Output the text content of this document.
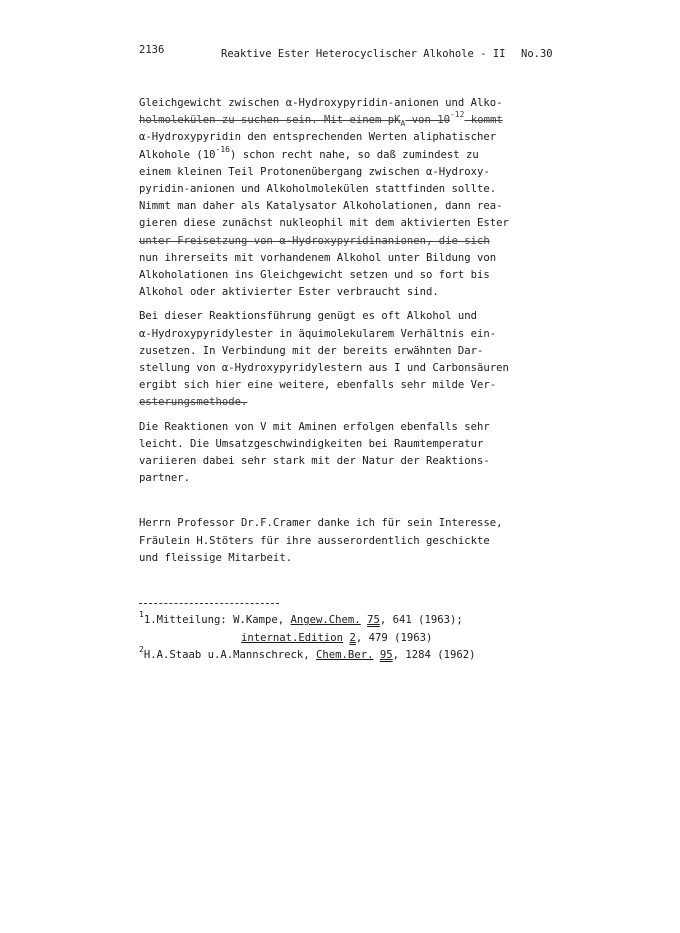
2136	Reaktive Ester Heterocyclischer Alkohole - II No.30
Gleichgewicht zwischen α-Hydroxypyridin-anionen und Alko-
holmolekülen zu suchen sein. Mit einem $pK_A$ von $10^{-12}$ kommt
α-Hydroxypyridin den entsprechenden Werten aliphatischer
Alkohole $(10^{-16})$ schon recht nahe, so daß zumindest zu
einem kleinen Teil Protonenübergang zwischen α-Hydroxy-
pyridin-anionen und Alkoholmolekülen stattfinden sollte.
Nimmt man daher als Katalysator Alkoholationen, dann rea-
gieren diese zunächst nukleophil mit dem aktivierten Ester
unter Freisetzung von α-Hydroxypyridinanionen, die sich
nun ihrerseits mit vorhandenem Alkohol unter Bildung von
Alkoholationen ins Gleichgewicht setzen und so fort bis
Alkohol oder aktivierter Ester verbraucht sind.
Bei dieser Reaktionsführung genügt es oft Alkohol und
α-Hydroxypyridylester in äquimolekularem Verhältnis ein-
zusetzen. In Verbindung mit der bereits erwähnten Dar-
stellung von α-Hydroxypyridylestern aus I und Carbonsäuren
ergibt sich hier eine weitere, ebenfalls sehr milde Ver-
esterungsmethode.
Die Reaktionen von V mit Aminen erfolgen ebenfalls sehr
leicht. Die Umsatzgeschwindigkeiten bei Raumtemperatur
variieren dabei sehr stark mit der Natur der Reaktions-
partner.
Herrn Professor Dr.F.Cramer danke ich für sein Interesse,
Fräulein H.Stöters für ihre ausserordentlich geschickte
und fleissige Mitarbeit.
$^1$1.Mitteilung: W.Kampe, Angew.Chem. 75, 641 (1963);
internat.Edition 2, 479 (1963)
$^2$H.A.Staab u.A.Mannschreck, Chem.Ber. 95, 1284 (1962)
